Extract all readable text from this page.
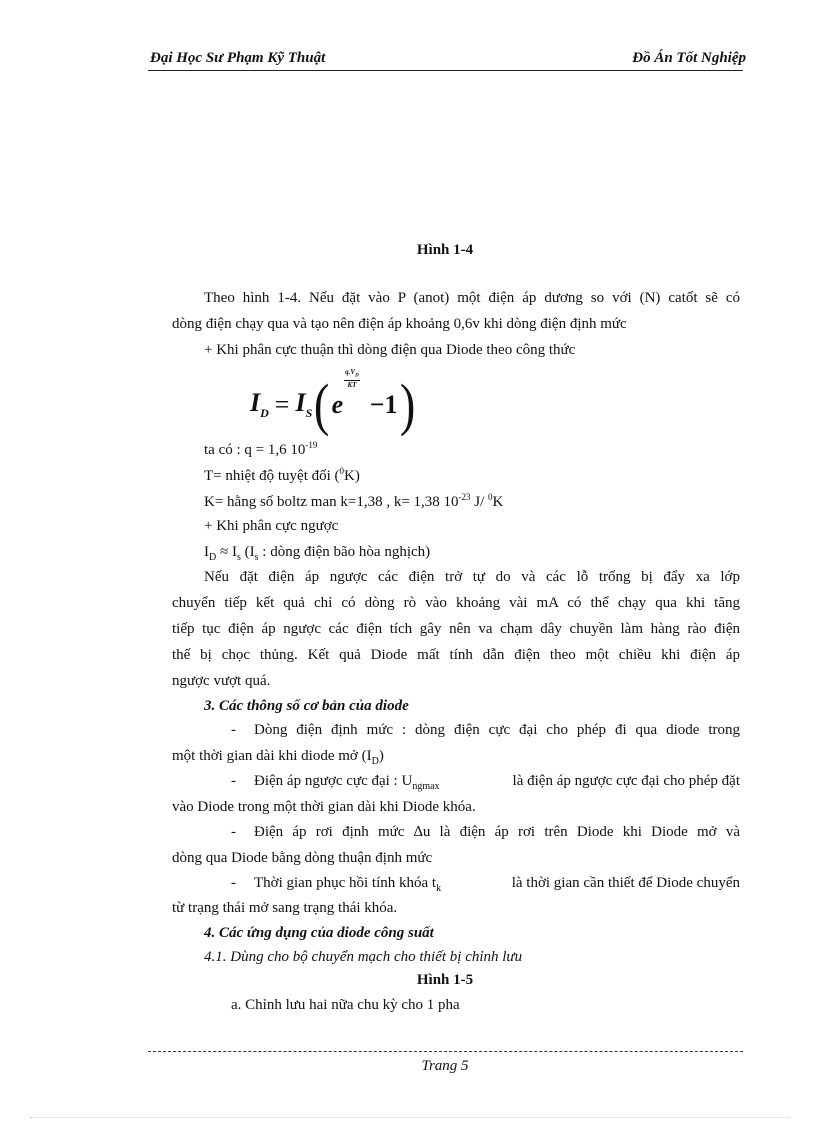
Đại Học Sư Phạm Kỹ Thuật	Đồ Án Tốt Nghiệp
Hình 1-4
Theo hình 1-4. Nếu đặt vào P (anot) một điện áp dương so với (N) catốt sẽ có
dòng điện chạy qua và tạo nên điện áp khoảng 0,6v khi dòng điện định mức
+ Khi phân cực thuận thì dòng điện qua Diode theo công thức
$I_D = I_S$ ( e
$\frac{q.V_D}{KT}$
−1 )
ta có : q = 1,6 $10^{-19}$
T= nhiệt độ tuyệt đối ($^0$K)
K= hằng số boltz man k=1,38 , k= 1,38 $10^{-23}$ J/ $^0$K
+ Khi phân cực ngược
$I_D \approx I_s$ ($I_s$ : dòng điện bão hòa nghịch)
Nếu đặt điện áp ngược các điện trở tự do và các lỗ trống bị đẩy xa lớp
chuyển tiếp kết quả chỉ có dòng rò vào khoảng vài mA có thể chạy qua khi tăng
tiếp tục điện áp ngược các điện tích gây nên va chạm dây chuyền làm hàng rào điện
thế bị chọc thủng. Kết quả Diode mất tính dẫn điện theo một chiều khi điện áp
ngược vượt quá.
3. Các thông số cơ bản của diode
- Dòng điện định mức : dòng điện cực đại cho phép đi qua diode trong
một thời gian dài khi diode mở $(I_D)$
- Điện áp ngược cực đại : $U_{ngmax}$	là điện áp ngược cực đại cho phép đặt
vào Diode trong một thời gian dài khi Diode khóa.
- Điện áp rơi định mức ∆u là điện áp rơi trên Diode khi Diode mở và
dòng qua Diode bằng dòng thuận định mức
- Thời gian phục hồi tính khóa $t_k$	là thời gian cần thiết để Diode chuyển
từ trạng thái mở sang trạng thái khóa.
4. Các ứng dụng của diode công suất
4.1. Dùng cho bộ chuyển mạch cho thiết bị chỉnh lưu
Hình 1-5
a. Chỉnh lưu hai nữa chu kỳ cho 1 pha
Trang 5
